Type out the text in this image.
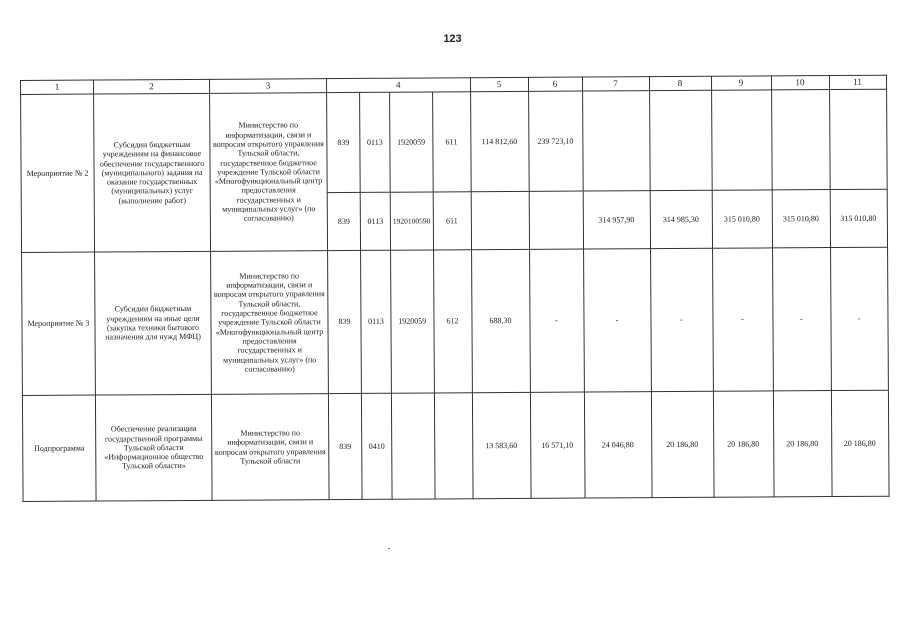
123
1	2	3	4				5	6	7	8	9	10	11
Мероприятие № 2	Субсидии бюджетным учреждениям на финансовое обеспечение государственного (муниципального) задания на оказание государственных (муниципальных) услуг (выполнение работ)	Министерство по информатизации, связи и вопросам открытого управления Тульской области, государственное бюджетное учреждение Тульской области «Многофункциональный центр предоставления государственных и муниципальных услуг» (по согласованию)	839	0113	1920059	611	114 812,60	239 723,10					
			839	0113	1920100590	611			314 957,90	314 985,30	315 010,80	315 010,80	315 010,80
Мероприятие № 3	Субсидии бюджетным учреждениям на иные цели (закупка техники бытового назначения для нужд МФЦ)	Министерство по информатизации, связи и вопросам открытого управления Тульской области, государственное бюджетное учреждение Тульской области «Многофункциональный центр предоставления государственных и муниципальных услуг» (по согласованию)	839	0113	1920059	612	688,30	-	-	-	-	-	-
Подпрограмма	Обеспечение реализации государственной программы Тульской области «Информационное общество Тульской области»	Министерство по информатизации, связи и вопросам открытого управления Тульской области	839	0410			13 583,60	16 571,10	24 046,80	20 186,80	20 186,80	20 186,80	20 186,80
